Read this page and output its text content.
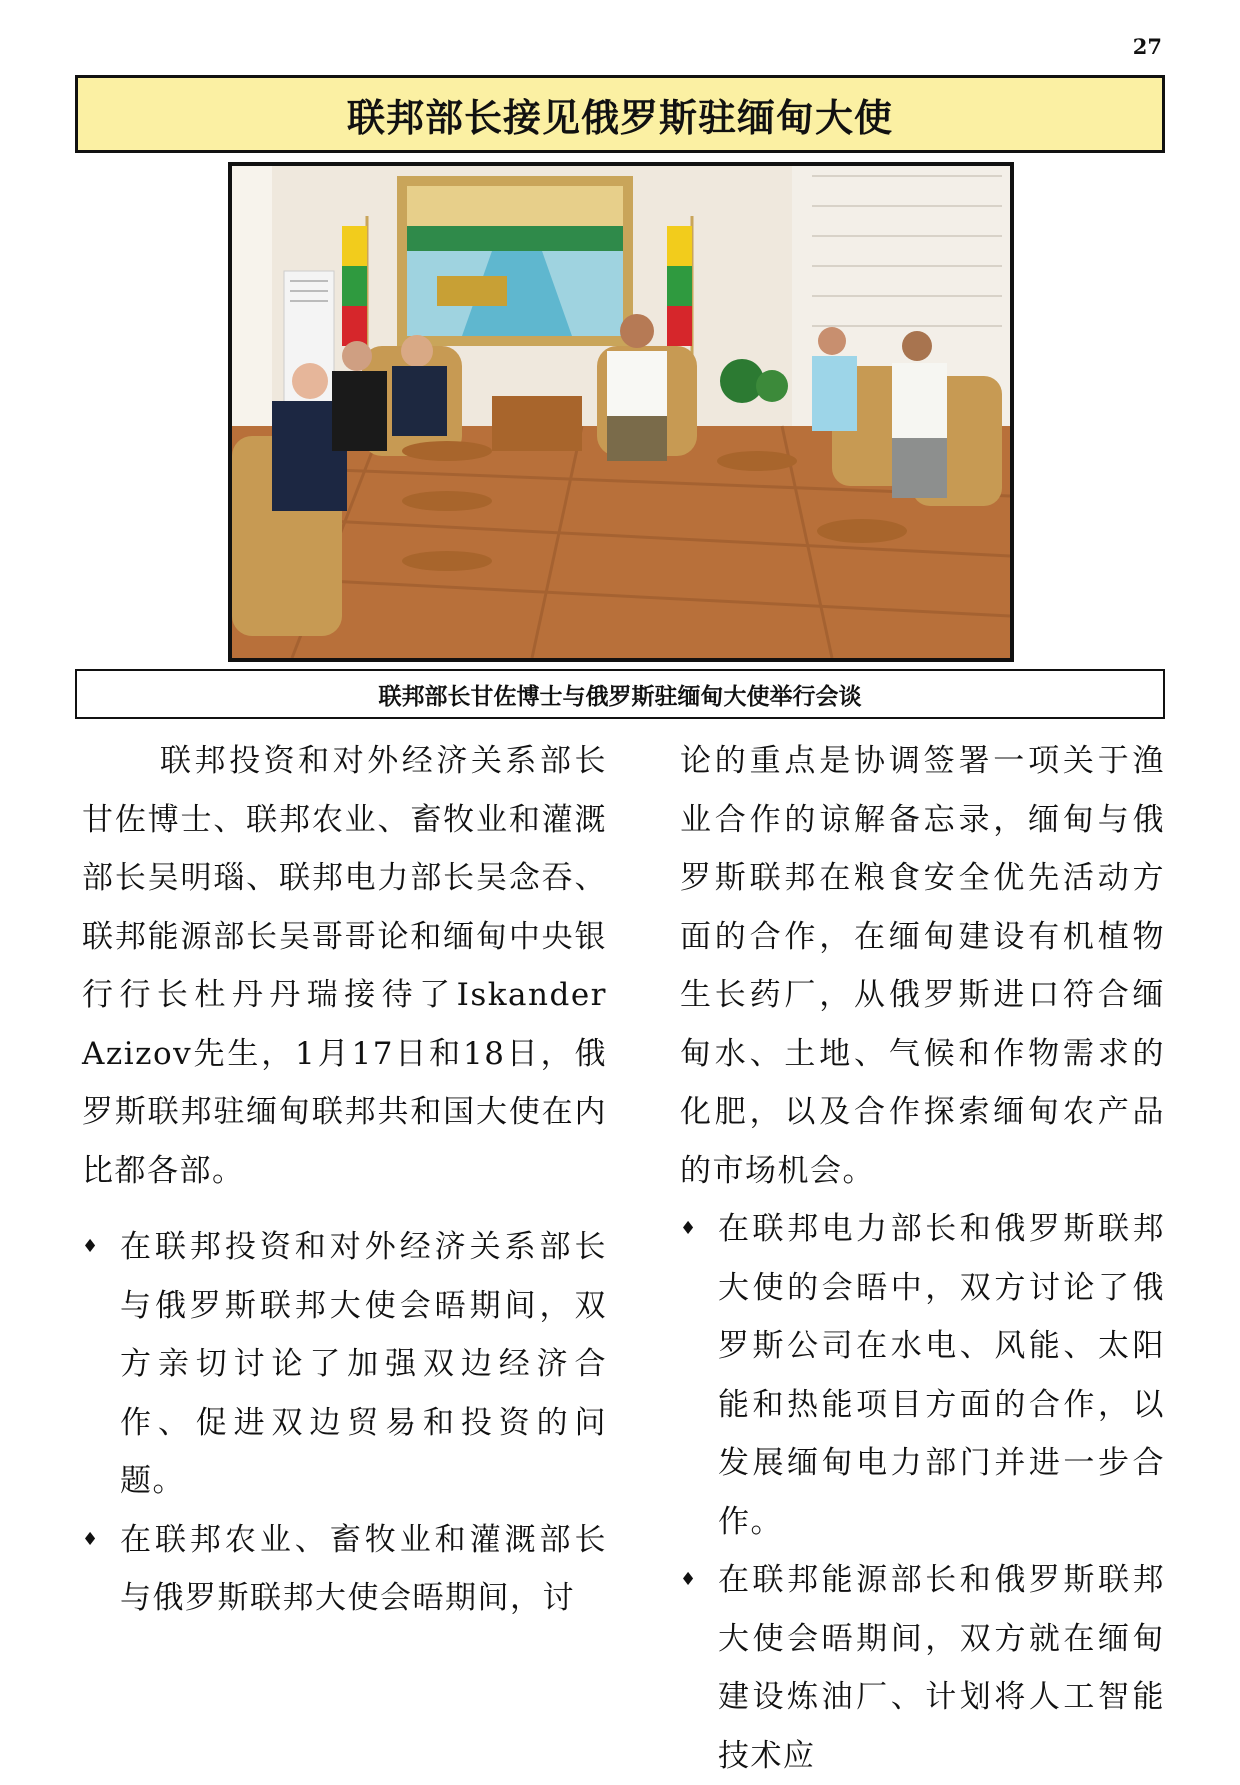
27
联邦部长接见俄罗斯驻缅甸大使
联邦部长甘佐博士与俄罗斯驻缅甸大使举行会谈

联邦投资和对外经济关系部长甘佐博士、联邦农业、畜牧业和灌溉部长吴明瑙、联邦电力部长吴念吞、联邦能源部长吴哥哥论和缅甸中央银行行长杜丹丹瑞接待了Iskander Azizov先生，1月17日和18日，俄罗斯联邦驻缅甸联邦共和国大使在内比都各部。

♦ 在联邦投资和对外经济关系部长与俄罗斯联邦大使会晤期间，双方亲切讨论了加强双边经济合作、促进双边贸易和投资的问题。
♦ 在联邦农业、畜牧业和灌溉部长与俄罗斯联邦大使会晤期间，讨

论的重点是协调签署一项关于渔业合作的谅解备忘录，缅甸与俄罗斯联邦在粮食安全优先活动方面的合作，在缅甸建设有机植物生长药厂，从俄罗斯进口符合缅甸水、土地、气候和作物需求的化肥，以及合作探索缅甸农产品的市场机会。

♦ 在联邦电力部长和俄罗斯联邦大使的会晤中，双方讨论了俄罗斯公司在水电、风能、太阳能和热能项目方面的合作，以发展缅甸电力部门并进一步合作。
♦ 在联邦能源部长和俄罗斯联邦大使会晤期间，双方就在缅甸建设炼油厂、计划将人工智能技术应
